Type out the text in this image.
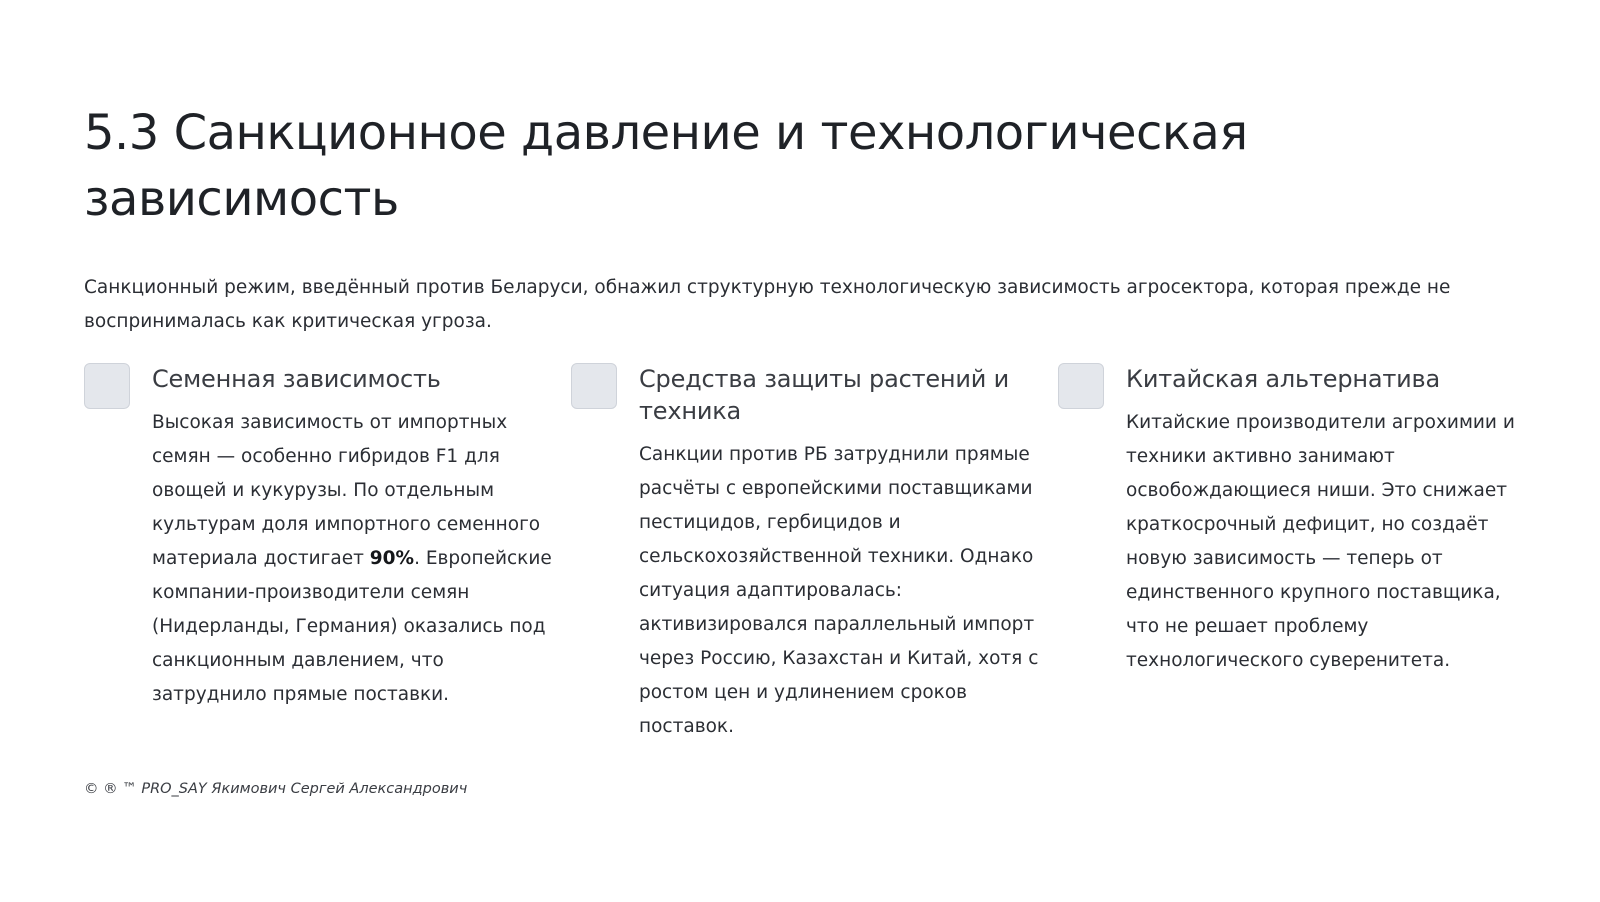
5.3 Санкционное давление и технологическая зависимость

Санкционный режим, введённый против Беларуси, обнажил структурную технологическую зависимость агросектора, которая прежде не воспринималась как критическая угроза.

Семенная зависимость

Высокая зависимость от импортных семян — особенно гибридов F1 для овощей и кукурузы. По отдельным культурам доля импортного семенного материала достигает 90%. Европейские компании-производители семян (Нидерланды, Германия) оказались под санкционным давлением, что затруднило прямые поставки.

Средства защиты растений и техника

Санкции против РБ затруднили прямые расчёты с европейскими поставщиками пестицидов, гербицидов и сельскохозяйственной техники. Однако ситуация адаптировалась: активизировался параллельный импорт через Россию, Казахстан и Китай, хотя с ростом цен и удлинением сроков поставок.

Китайская альтернатива

Китайские производители агрохимии и техники активно занимают освобождающиеся ниши. Это снижает краткосрочный дефицит, но создаёт новую зависимость — теперь от единственного крупного поставщика, что не решает проблему технологического суверенитета.

© ® ™ PRO_SAY Якимович Сергей Александрович
